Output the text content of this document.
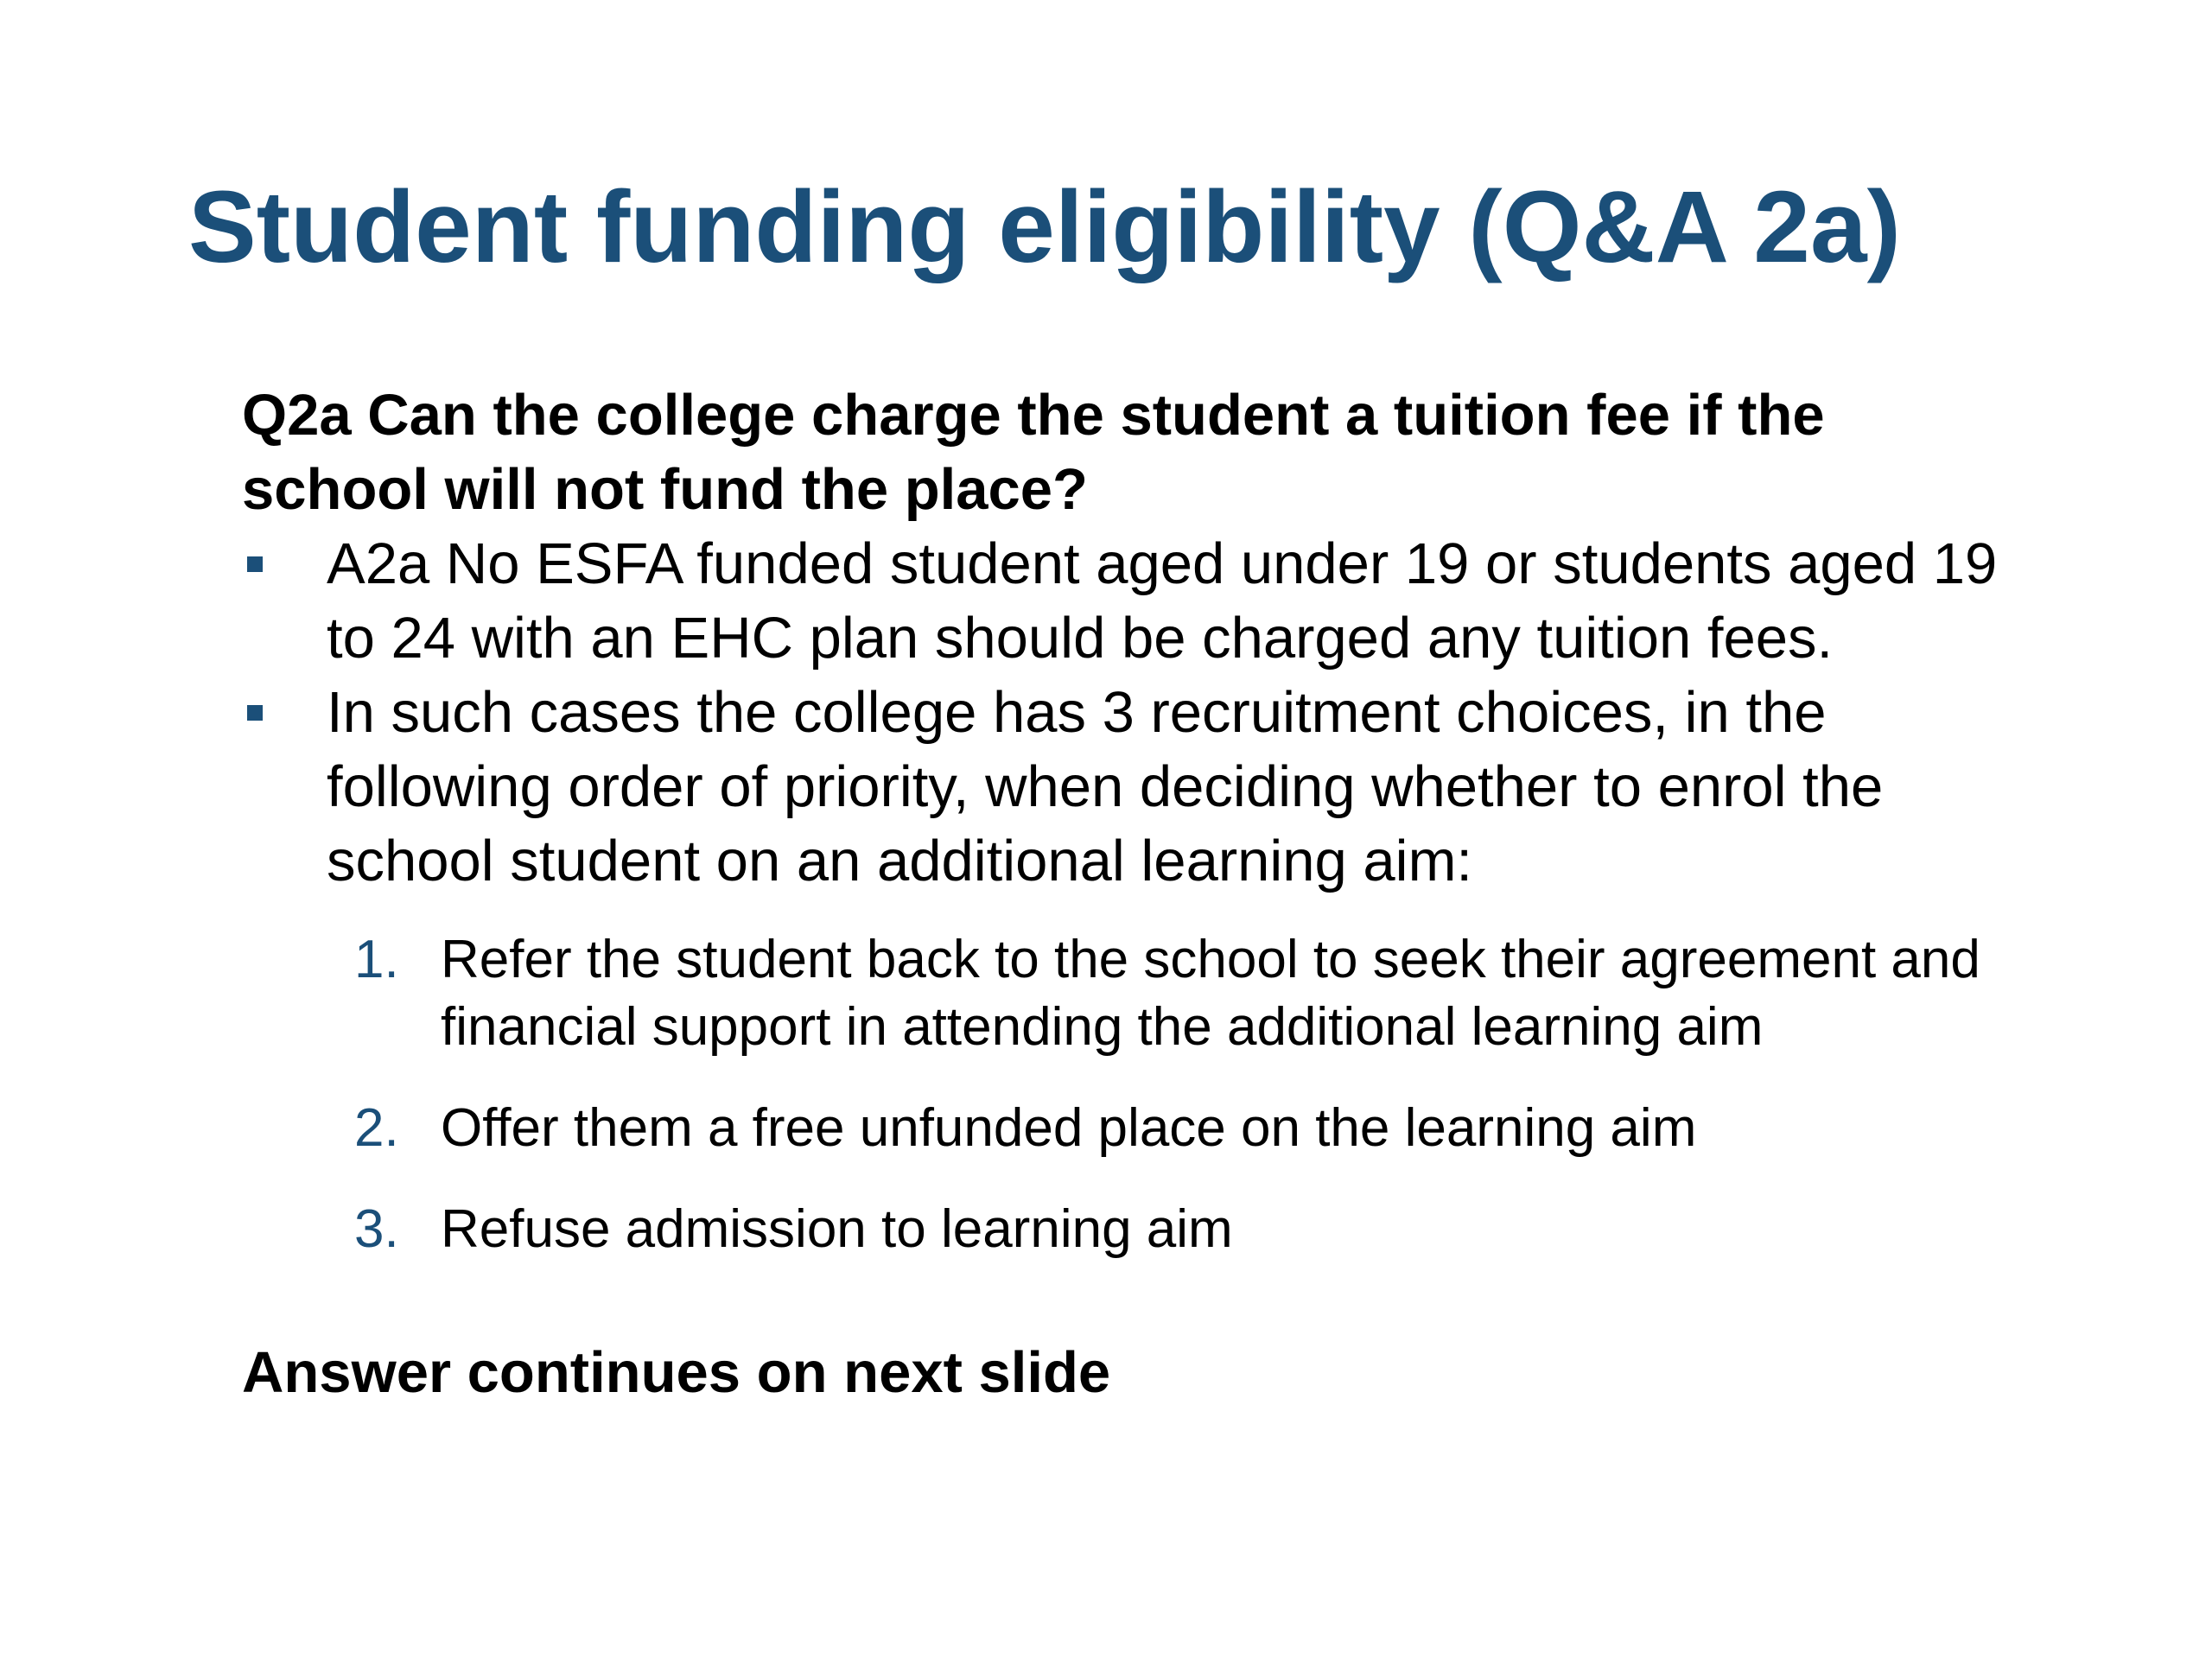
Student funding eligibility (Q&A 2a)

Q2a Can the college charge the student a tuition fee if the school will not fund the place?

A2a No ESFA funded student aged under 19 or students aged 19 to 24 with an EHC plan should be charged any tuition fees.
In such cases the college has 3 recruitment choices, in the following order of priority, when deciding whether to enrol the school student on an additional learning aim:
1. Refer the student back to the school to seek their agreement and financial support in attending the additional learning aim
2. Offer them a free unfunded place on the learning aim
3. Refuse admission to learning aim

Answer continues on next slide
